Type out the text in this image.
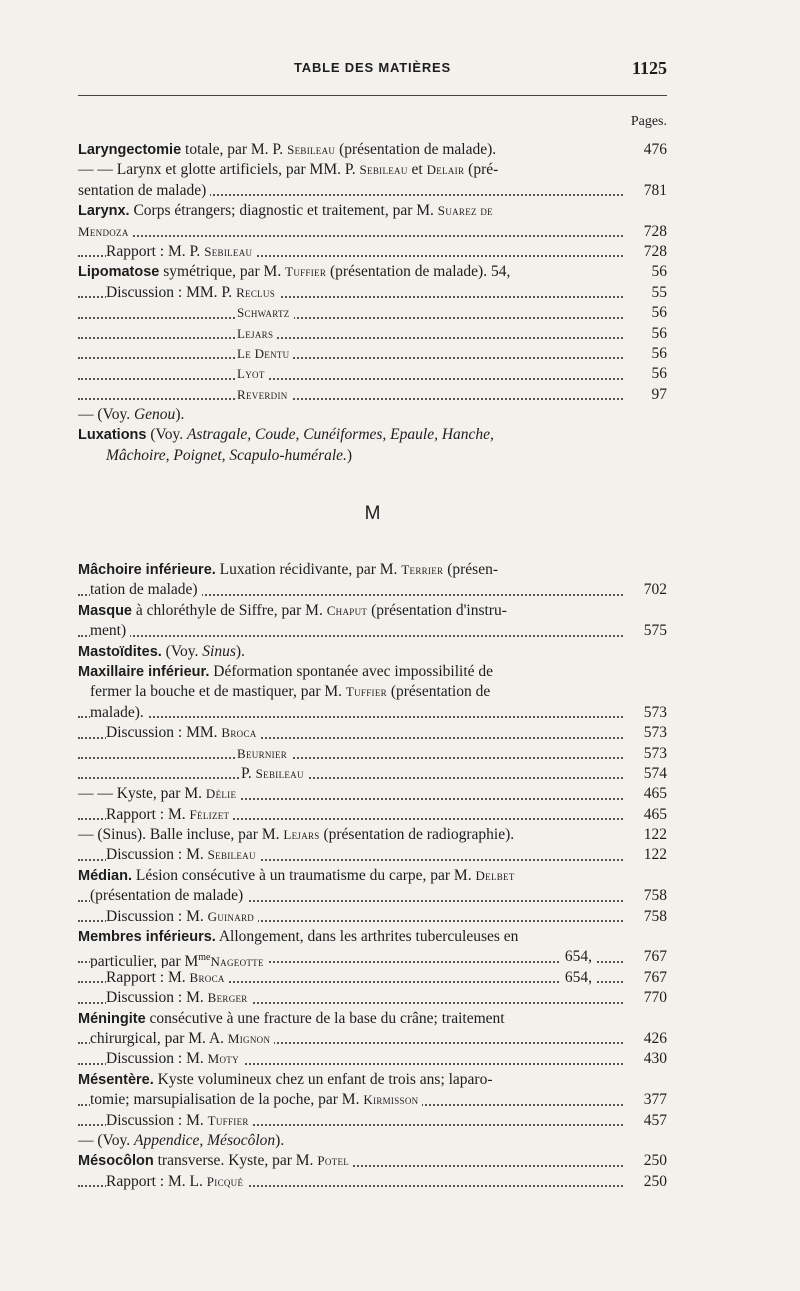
TABLE DES MATIÈRES	1125
Pages.
Laryngectomie totale, par M. P. Sebileau (présentation de malade).	476
— — Larynx et glotte artificiels, par MM. P. Sebileau et Delair (pré-
sentation de malade)	781
Larynx. Corps étrangers; diagnostic et traitement, par M. Suarez de
Mendoza	728
Rapport : M. P. Sebileau	728
Lipomatose symétrique, par M. Tuffier (présentation de malade). 54,	56
Discussion : MM. P. Reclus	55
Schwartz	56
Lejars	56
Le Dentu	56
Lyot	56
Reverdin	97
— (Voy. Genou).
Luxations (Voy. Astragale, Coude, Cunéiformes, Epaule, Hanche,
Mâchoire, Poignet, Scapulo-humérale.)
M
Mâchoire inférieure. Luxation récidivante, par M. Terrier (présen-
tation de malade)	702
Masque à chloréthyle de Siffre, par M. Chaput (présentation d'instru-
ment)	575
Mastoïdites. (Voy. Sinus).
Maxillaire inférieur. Déformation spontanée avec impossibilité de
fermer la bouche et de mastiquer, par M. Tuffier (présentation de
malade).	573
Discussion : MM. Broca	573
Beurnier	573
P. Sebileau	574
— — Kyste, par M. Délie	465
Rapport : M. Félizet	465
— (Sinus). Balle incluse, par M. Lejars (présentation de radiographie).	122
Discussion : M. Sebileau	122
Médian. Lésion consécutive à un traumatisme du carpe, par M. Delbet
(présentation de malade)	758
Discussion : M. Guinard	758
Membres inférieurs. Allongement, dans les arthrites tuberculeuses en
particulier, par $M^{me}Nageotte$	654,	767
Rapport : M. Broca	654,	767
Discussion : M. Berger	770
Méningite consécutive à une fracture de la base du crâne; traitement
chirurgical, par M. A. Mignon	426
Discussion : M. Moty	430
Mésentère. Kyste volumineux chez un enfant de trois ans; laparo-
tomie; marsupialisation de la poche, par M. Kirmisson	377
Discussion : M. Tuffier	457
— (Voy. Appendice, Mésocôlon).
Mésocôlon transverse. Kyste, par M. Potel	250
Rapport : M. L. Picqué	250
